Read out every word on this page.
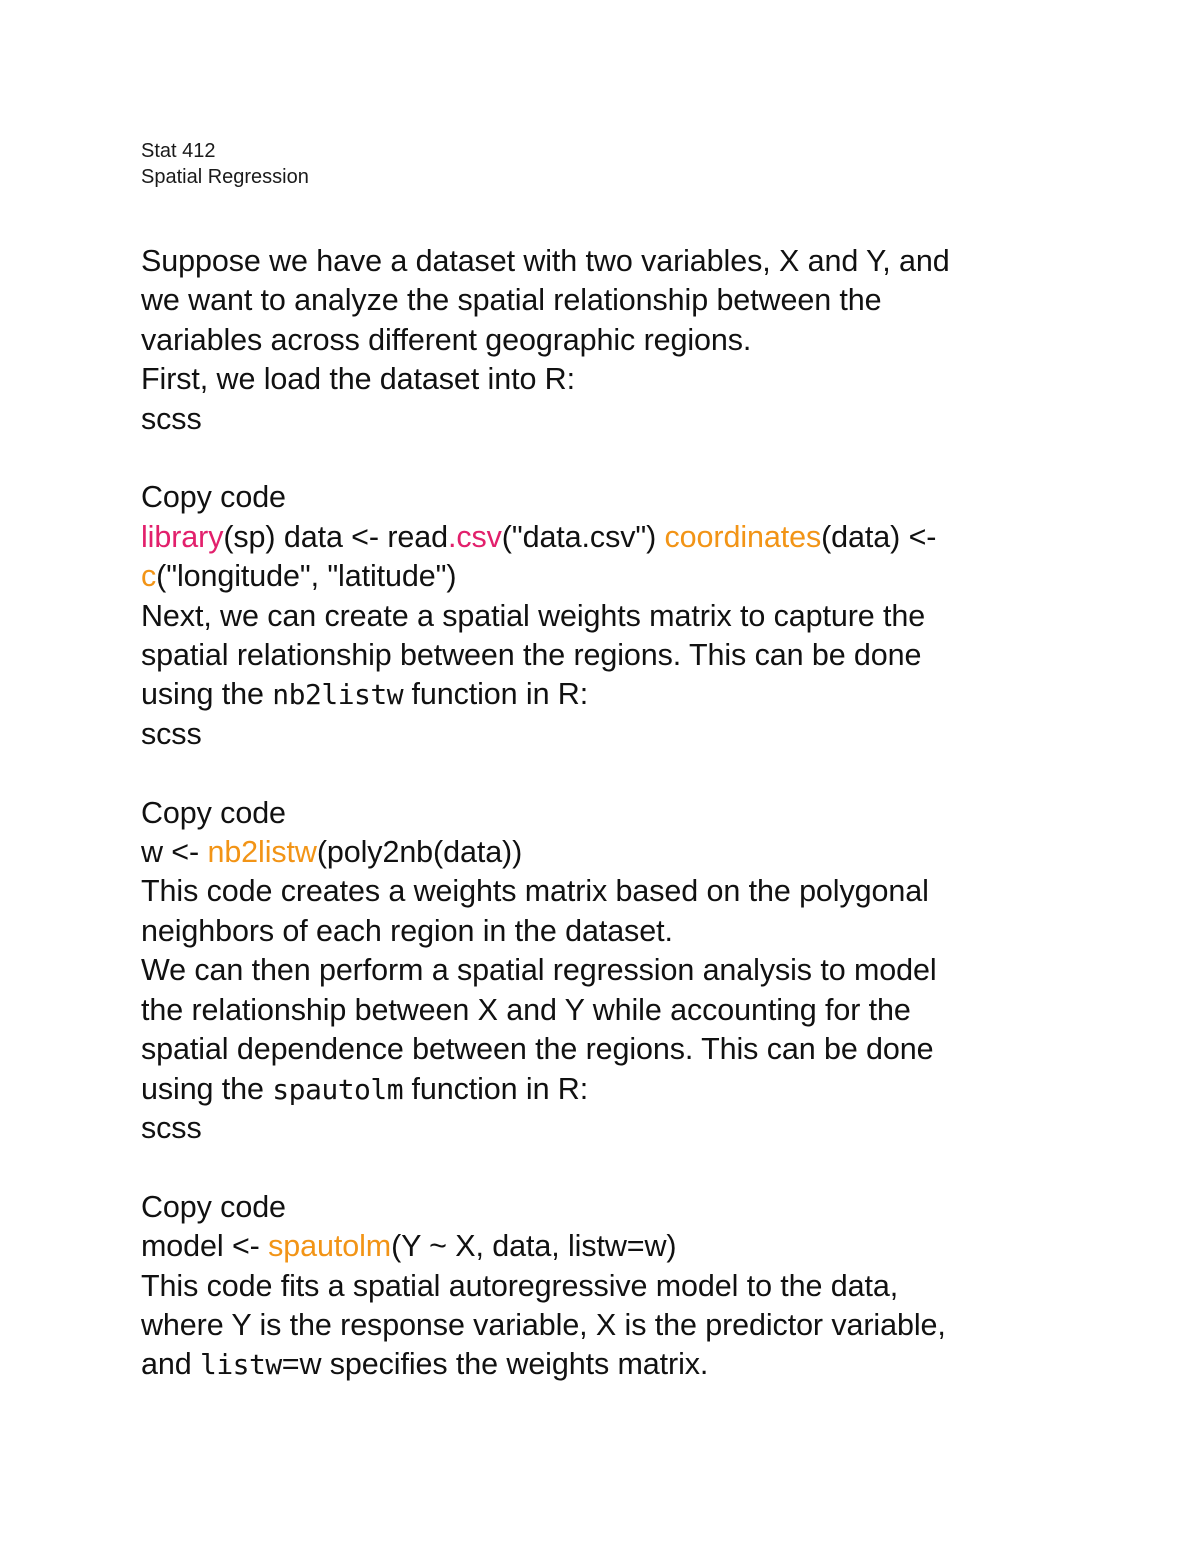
Stat 412
Spatial Regression
Suppose we have a dataset with two variables, X and Y, and
we want to analyze the spatial relationship between the
variables across different geographic regions.
First, we load the dataset into R:
scss
Copy code
library(sp) data <- read.csv("data.csv") coordinates(data) <-
c("longitude", "latitude")
Next, we can create a spatial weights matrix to capture the
spatial relationship between the regions. This can be done
using the nb2listw function in R:
scss
Copy code
w <- nb2listw(poly2nb(data))
This code creates a weights matrix based on the polygonal
neighbors of each region in the dataset.
We can then perform a spatial regression analysis to model
the relationship between X and Y while accounting for the
spatial dependence between the regions. This can be done
using the spautolm function in R:
scss
Copy code
model <- spautolm(Y ~ X, data, listw=w)
This code fits a spatial autoregressive model to the data,
where Y is the response variable, X is the predictor variable,
and listw=w specifies the weights matrix.
